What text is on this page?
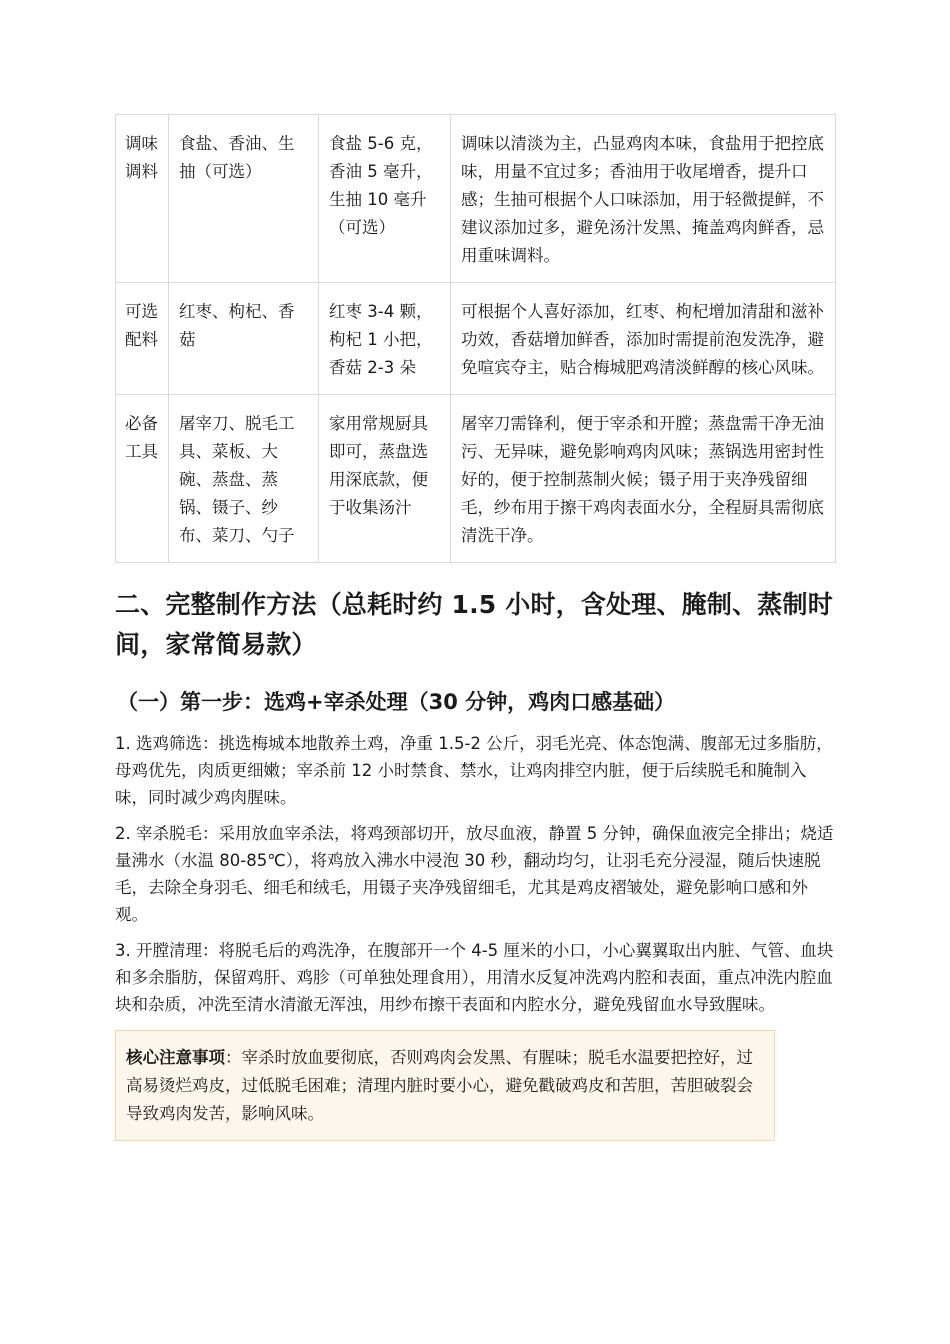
调味调料	食盐、香油、生抽（可选）	食盐 5-6 克，香油 5 毫升，生抽 10 毫升（可选）	调味以清淡为主，凸显鸡肉本味，食盐用于把控底味，用量不宜过多；香油用于收尾增香，提升口感；生抽可根据个人口味添加，用于轻微提鲜，不建议添加过多，避免汤汁发黑、掩盖鸡肉鲜香，忌用重味调料。
可选配料	红枣、枸杞、香菇	红枣 3-4 颗，枸杞 1 小把，香菇 2-3 朵	可根据个人喜好添加，红枣、枸杞增加清甜和滋补功效，香菇增加鲜香，添加时需提前泡发洗净，避免喧宾夺主，贴合梅城肥鸡清淡鲜醇的核心风味。
必备工具	屠宰刀、脱毛工具、菜板、大碗、蒸盘、蒸锅、镊子、纱布、菜刀、勺子	家用常规厨具即可，蒸盘选用深底款，便于收集汤汁	屠宰刀需锋利，便于宰杀和开膛；蒸盘需干净无油污、无异味，避免影响鸡肉风味；蒸锅选用密封性好的，便于控制蒸制火候；镊子用于夹净残留细毛，纱布用于擦干鸡肉表面水分，全程厨具需彻底清洗干净。
二、完整制作方法（总耗时约 1.5 小时，含处理、腌制、蒸制时间，家常简易款）
（一）第一步：选鸡+宰杀处理（30 分钟，鸡肉口感基础）

1. 选鸡筛选：挑选梅城本地散养土鸡，净重 1.5-2 公斤，羽毛光亮、体态饱满、腹部无过多脂肪，母鸡优先，肉质更细嫩；宰杀前 12 小时禁食、禁水，让鸡肉排空内脏，便于后续脱毛和腌制入味，同时减少鸡肉腥味。

2. 宰杀脱毛：采用放血宰杀法，将鸡颈部切开，放尽血液，静置 5 分钟，确保血液完全排出；烧适量沸水（水温 80-85℃），将鸡放入沸水中浸泡 30 秒，翻动均匀，让羽毛充分浸湿，随后快速脱毛，去除全身羽毛、细毛和绒毛，用镊子夹净残留细毛，尤其是鸡皮褶皱处，避免影响口感和外观。

3. 开膛清理：将脱毛后的鸡洗净，在腹部开一个 4-5 厘米的小口，小心翼翼取出内脏、气管、血块和多余脂肪，保留鸡肝、鸡胗（可单独处理食用），用清水反复冲洗鸡内腔和表面，重点冲洗内腔血块和杂质，冲洗至清水清澈无浑浊，用纱布擦干表面和内腔水分，避免残留血水导致腥味。

核心注意事项：宰杀时放血要彻底，否则鸡肉会发黑、有腥味；脱毛水温要把控好，过高易烫烂鸡皮，过低脱毛困难；清理内脏时要小心，避免戳破鸡皮和苦胆，苦胆破裂会导致鸡肉发苦，影响风味。
